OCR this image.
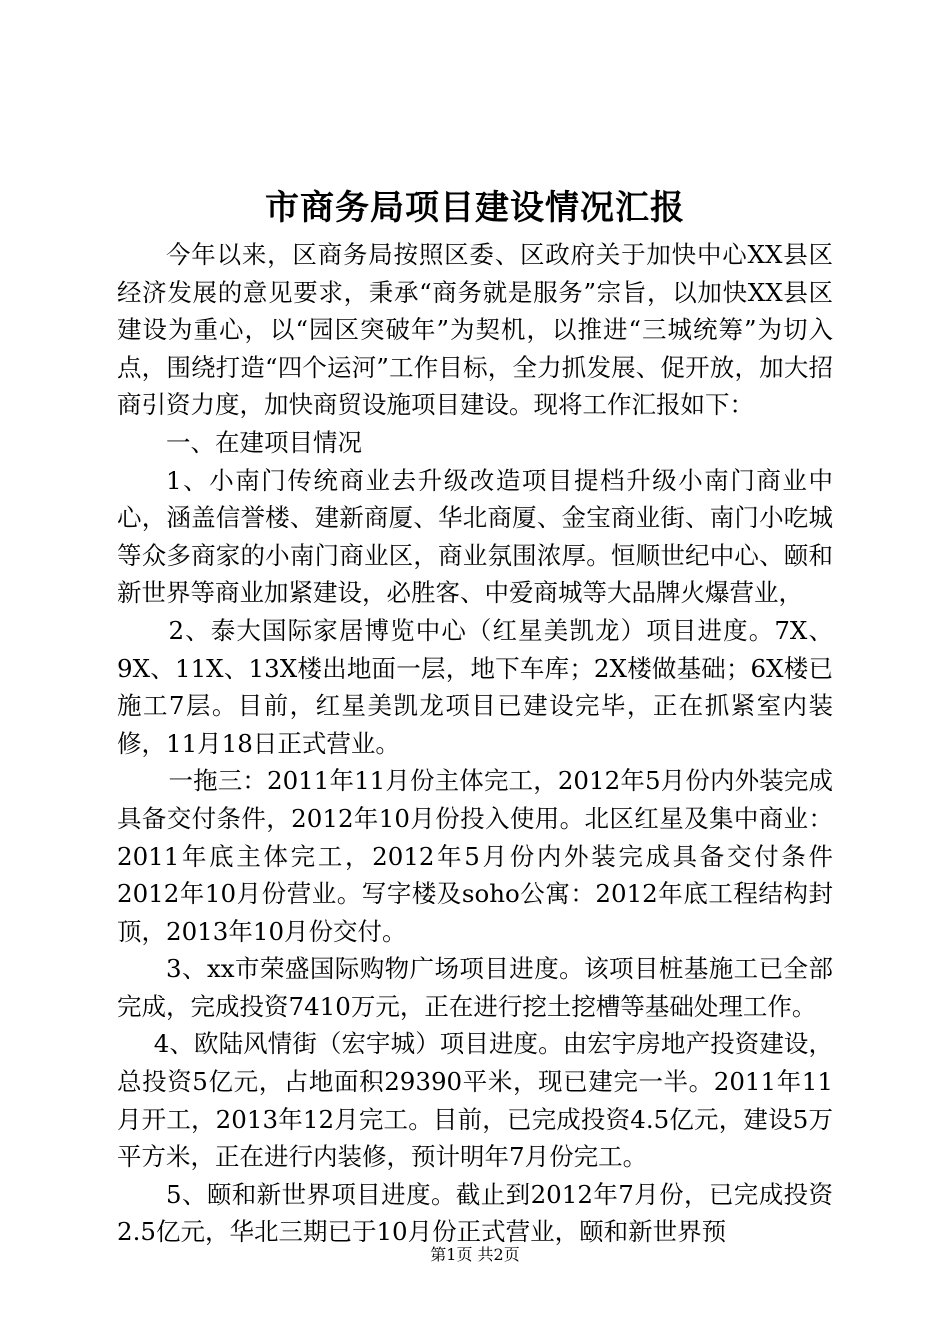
市商务局项目建设情况汇报

今年以来，区商务局按照区委、区政府关于加快中心XX县区经济发展的意见要求，秉承“商务就是服务”宗旨，以加快XX县区建设为重心，以“园区突破年”为契机，以推进“三城统筹”为切入点，围绕打造“四个运河”工作目标，全力抓发展、促开放，加大招商引资力度，加快商贸设施项目建设。现将工作汇报如下：

一、在建项目情况

1、小南门传统商业去升级改造项目提档升级小南门商业中心，涵盖信誉楼、建新商厦、华北商厦、金宝商业街、南门小吃城等众多商家的小南门商业区，商业氛围浓厚。恒顺世纪中心、颐和新世界等商业加紧建设，必胜客、中爱商城等大品牌火爆营业，

2、泰大国际家居博览中心（红星美凯龙）项目进度。7X、9X、11X、13X楼出地面一层，地下车库；2X楼做基础；6X楼已施工7层。目前，红星美凯龙项目已建设完毕，正在抓紧室内装修，11月18日正式营业。

一拖三：2011年11月份主体完工，2012年5月份内外装完成具备交付条件，2012年10月份投入使用。北区红星及集中商业：2011年底主体完工，2012年5月份内外装完成具备交付条件2012年10月份营业。写字楼及soho公寓：2012年底工程结构封顶，2013年10月份交付。

3、xx市荣盛国际购物广场项目进度。该项目桩基施工已全部完成，完成投资7410万元，正在进行挖土挖槽等基础处理工作。

4、欧陆风情街（宏宇城）项目进度。由宏宇房地产投资建设，总投资5亿元，占地面积29390平米，现已建完一半。2011年11月开工，2013年12月完工。目前，已完成投资4.5亿元，建设5万平方米，正在进行内装修，预计明年7月份完工。

5、颐和新世界项目进度。截止到2012年7月份，已完成投资2.5亿元，华北三期已于10月份正式营业，颐和新世界预

第1页 共2页
